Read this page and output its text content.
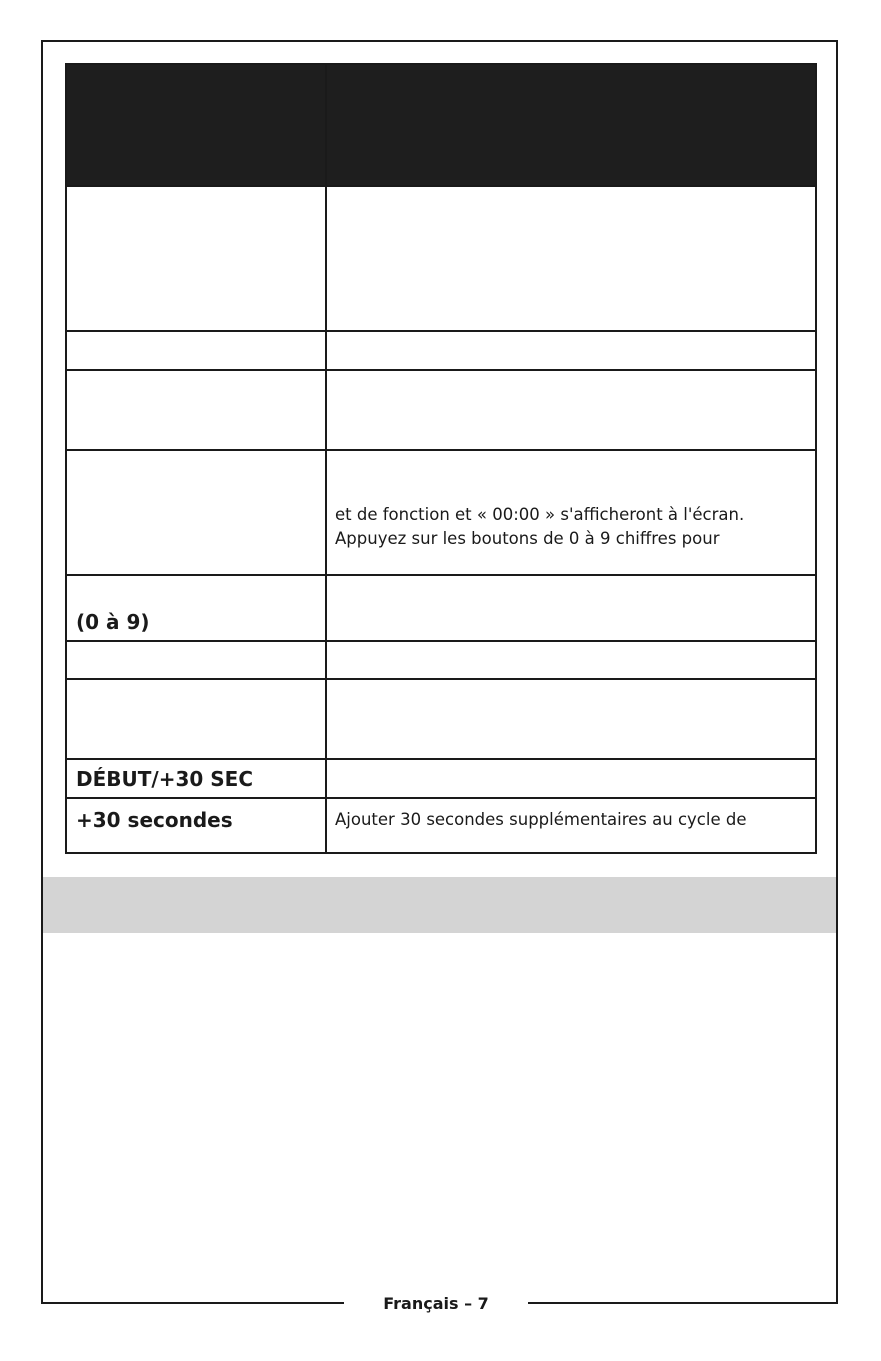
	et de fonction et « 00:00 » s'afficheront à l'écran.
Appuyez sur les boutons de 0 à 9 chiffres pour

(0 à 9)	

DÉBUT/+30 SEC	

+30 secondes	Ajouter 30 secondes supplémentaires au cycle de
Français – 7
